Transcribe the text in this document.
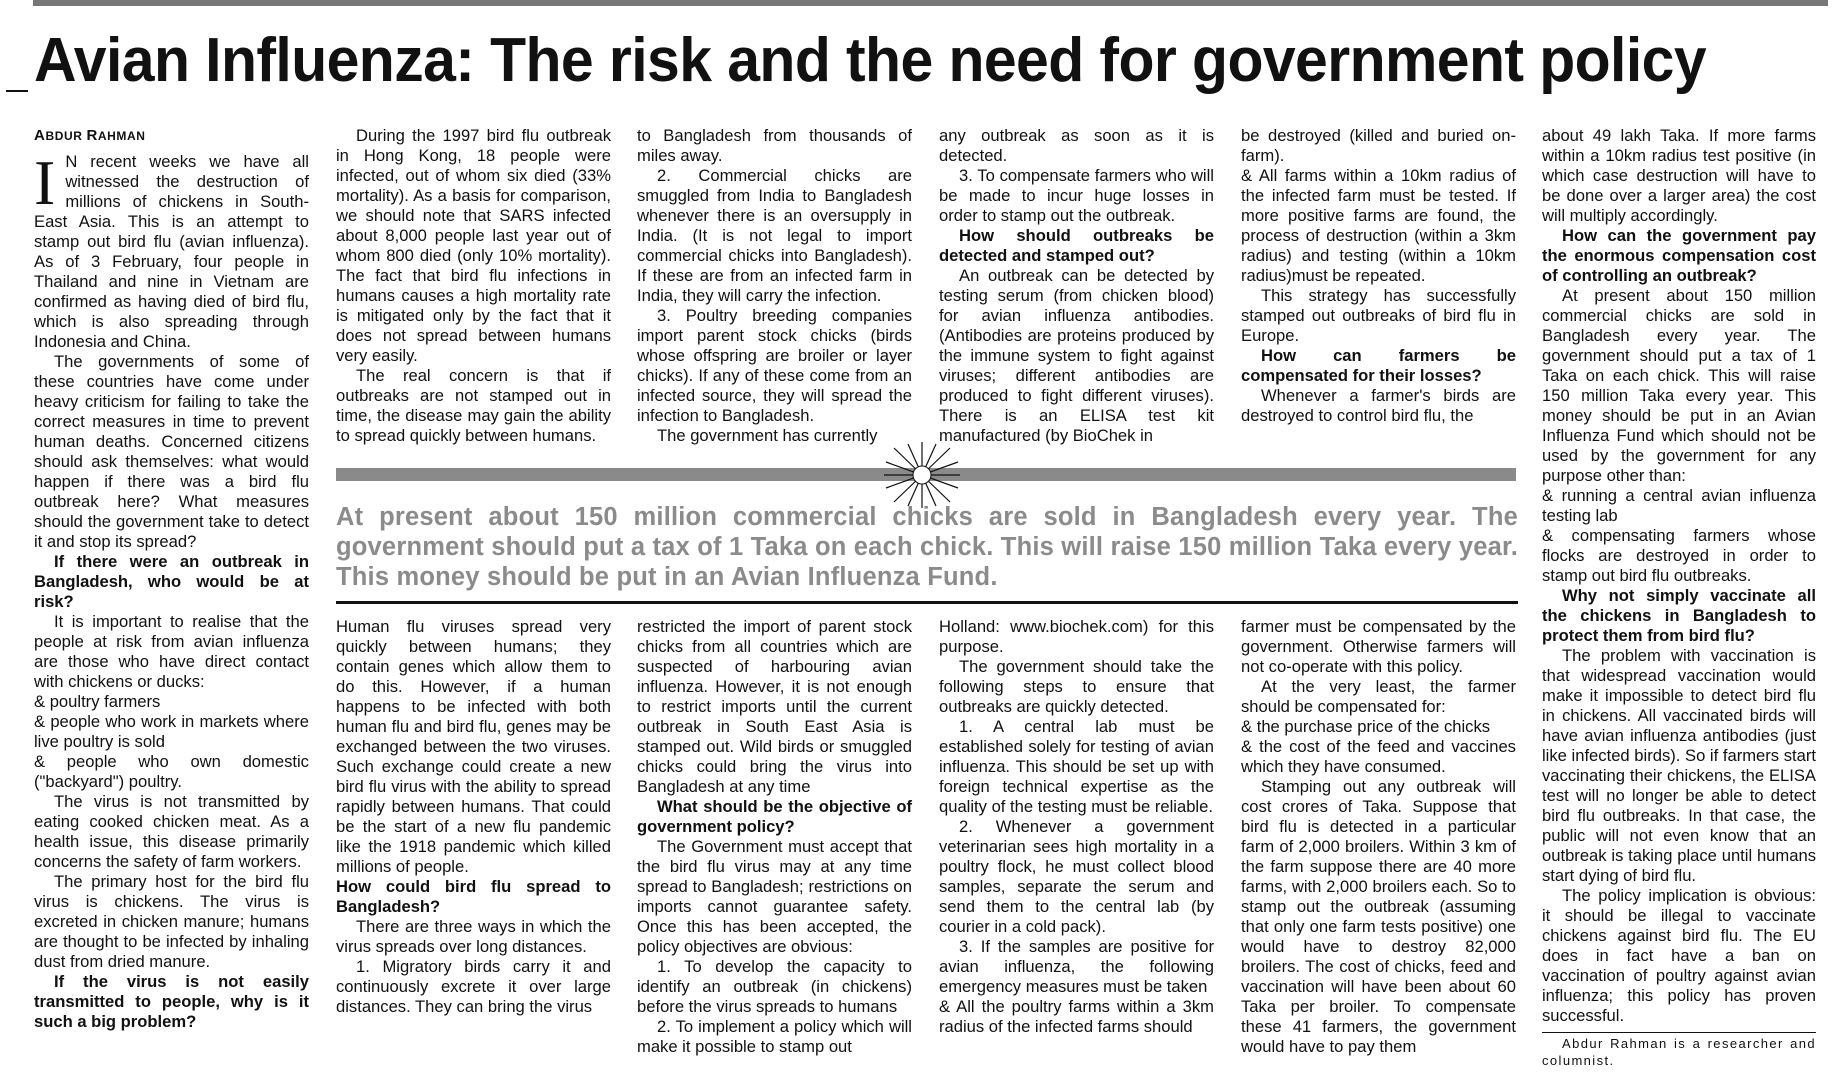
Avian Influenza: The risk and the need for government policy
ABDUR RAHMAN

I N recent weeks we have all witnessed the destruction of millions of chickens in South-East Asia. This is an attempt to stamp out bird flu (avian influenza). As of 3 February, four people in Thailand and nine in Vietnam are confirmed as having died of bird flu, which is also spreading through Indonesia and China.

The governments of some of these countries have come under heavy criticism for failing to take the correct measures in time to prevent human deaths. Concerned citizens should ask themselves: what would happen if there was a bird flu outbreak here? What measures should the government take to detect it and stop its spread?

If there were an outbreak in Bangladesh, who would be at risk?

It is important to realise that the people at risk from avian influenza are those who have direct contact with chickens or ducks:

& poultry farmers

& people who work in markets where live poultry is sold

& people who own domestic ("backyard") poultry.

The virus is not transmitted by eating cooked chicken meat. As a health issue, this disease primarily concerns the safety of farm workers.

The primary host for the bird flu virus is chickens. The virus is excreted in chicken manure; humans are thought to be infected by inhaling dust from dried manure.

If the virus is not easily transmitted to people, why is it such a big problem?

During the 1997 bird flu outbreak in Hong Kong, 18 people were infected, out of whom six died (33% mortality). As a basis for comparison, we should note that SARS infected about 8,000 people last year out of whom 800 died (only 10% mortality). The fact that bird flu infections in humans causes a high mortality rate is mitigated only by the fact that it does not spread between humans very easily.

The real concern is that if outbreaks are not stamped out in time, the disease may gain the ability to spread quickly between humans.

to Bangladesh from thousands of miles away.

2. Commercial chicks are smuggled from India to Bangladesh whenever there is an oversupply in India. (It is not legal to import commercial chicks into Bangladesh). If these are from an infected farm in India, they will carry the infection.

3. Poultry breeding companies import parent stock chicks (birds whose offspring are broiler or layer chicks). If any of these come from an infected source, they will spread the infection to Bangladesh.

The government has currently

any outbreak as soon as it is detected.

3. To compensate farmers who will be made to incur huge losses in order to stamp out the outbreak.

How should outbreaks be detected and stamped out?

An outbreak can be detected by testing serum (from chicken blood) for avian influenza antibodies. (Antibodies are proteins produced by the immune system to fight against viruses; different antibodies are produced to fight different viruses). There is an ELISA test kit manufactured (by BioChek in

be destroyed (killed and buried on-farm).

& All farms within a 10km radius of the infected farm must be tested. If more positive farms are found, the process of destruction (within a 3km radius) and testing (within a 10km radius)must be repeated.

This strategy has successfully stamped out outbreaks of bird flu in Europe.

How can farmers be compensated for their losses?

Whenever a farmer's birds are destroyed to control bird flu, the

At present about 150 million commercial chicks are sold in Bangladesh every year. The government should put a tax of 1 Taka on each chick. This will raise 150 million Taka every year. This money should be put in an Avian Influenza Fund.

Human flu viruses spread very quickly between humans; they contain genes which allow them to do this. However, if a human happens to be infected with both human flu and bird flu, genes may be exchanged between the two viruses. Such exchange could create a new bird flu virus with the ability to spread rapidly between humans. That could be the start of a new flu pandemic like the 1918 pandemic which killed millions of people.

How could bird flu spread to Bangladesh?

There are three ways in which the virus spreads over long distances.

1. Migratory birds carry it and continuously excrete it over large distances. They can bring the virus

restricted the import of parent stock chicks from all countries which are suspected of harbouring avian influenza. However, it is not enough to restrict imports until the current outbreak in South East Asia is stamped out. Wild birds or smuggled chicks could bring the virus into Bangladesh at any time

What should be the objective of government policy?

The Government must accept that the bird flu virus may at any time spread to Bangladesh; restrictions on imports cannot guarantee safety. Once this has been accepted, the policy objectives are obvious:

1. To develop the capacity to identify an outbreak (in chickens) before the virus spreads to humans

2. To implement a policy which will make it possible to stamp out

Holland: www.biochek.com) for this purpose.

The government should take the following steps to ensure that outbreaks are quickly detected.

1. A central lab must be established solely for testing of avian influenza. This should be set up with foreign technical expertise as the quality of the testing must be reliable.

2. Whenever a government veterinarian sees high mortality in a poultry flock, he must collect blood samples, separate the serum and send them to the central lab (by courier in a cold pack).

3. If the samples are positive for avian influenza, the following emergency measures must be taken

& All the poultry farms within a 3km radius of the infected farms should

farmer must be compensated by the government. Otherwise farmers will not co-operate with this policy.

At the very least, the farmer should be compensated for:

& the purchase price of the chicks

& the cost of the feed and vaccines which they have consumed.

Stamping out any outbreak will cost crores of Taka. Suppose that bird flu is detected in a particular farm of 2,000 broilers. Within 3 km of the farm suppose there are 40 more farms, with 2,000 broilers each. So to stamp out the outbreak (assuming that only one farm tests positive) one would have to destroy 82,000 broilers. The cost of chicks, feed and vaccination will have been about 60 Taka per broiler. To compensate these 41 farmers, the government would have to pay them

about 49 lakh Taka. If more farms within a 10km radius test positive (in which case destruction will have to be done over a larger area) the cost will multiply accordingly.

How can the government pay the enormous compensation cost of controlling an outbreak?

At present about 150 million commercial chicks are sold in Bangladesh every year. The government should put a tax of 1 Taka on each chick. This will raise 150 million Taka every year. This money should be put in an Avian Influenza Fund which should not be used by the government for any purpose other than:

& running a central avian influenza testing lab

& compensating farmers whose flocks are destroyed in order to stamp out bird flu outbreaks.

Why not simply vaccinate all the chickens in Bangladesh to protect them from bird flu?

The problem with vaccination is that widespread vaccination would make it impossible to detect bird flu in chickens. All vaccinated birds will have avian influenza antibodies (just like infected birds). So if farmers start vaccinating their chickens, the ELISA test will no longer be able to detect bird flu outbreaks. In that case, the public will not even know that an outbreak is taking place until humans start dying of bird flu.

The policy implication is obvious: it should be illegal to vaccinate chickens against bird flu. The EU does in fact have a ban on vaccination of poultry against avian influenza; this policy has proven successful.

Abdur Rahman is a researcher and columnist.
